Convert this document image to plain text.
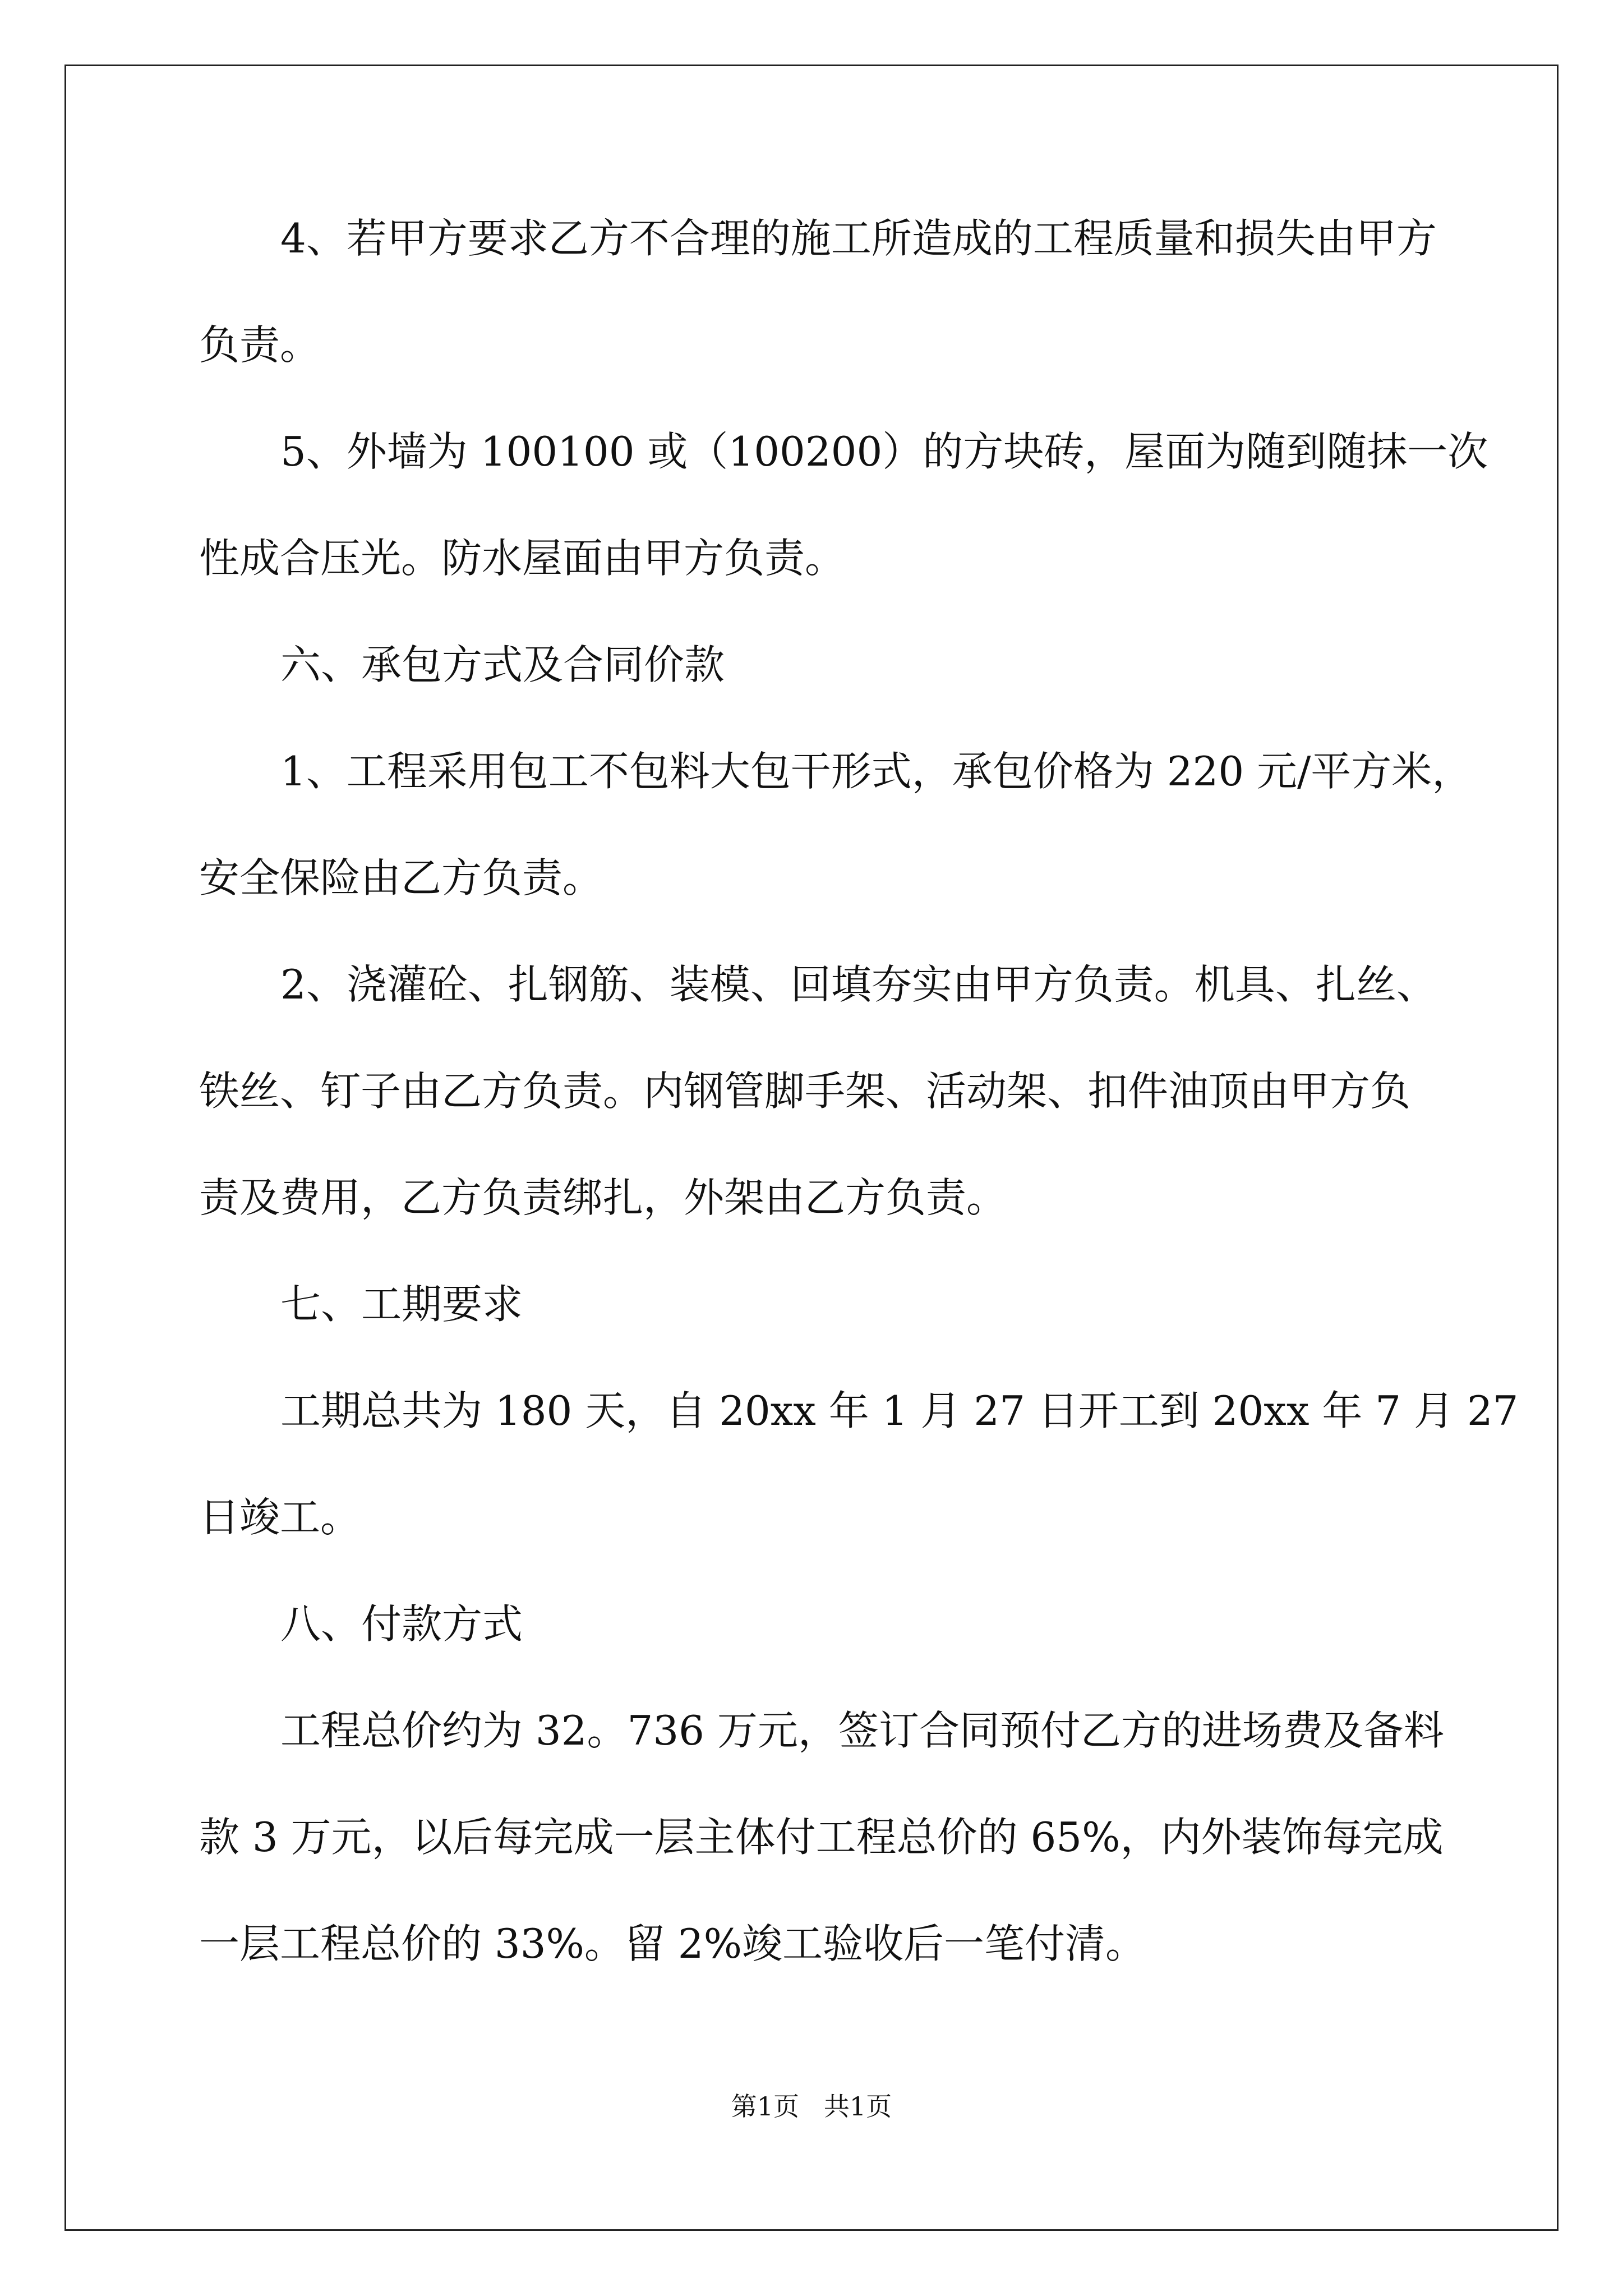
4、若甲方要求乙方不合理的施工所造成的工程质量和损失由甲方
负责。
5、外墙为 100100 或（100200）的方块砖，屋面为随到随抹一次
性成合压光。防水屋面由甲方负责。
六、承包方式及合同价款
1、工程采用包工不包料大包干形式，承包价格为 220 元/平方米，
安全保险由乙方负责。
2、浇灌砼、扎钢筋、装模、回填夯实由甲方负责。机具、扎丝、
铁丝、钉子由乙方负责。内钢管脚手架、活动架、扣件油顶由甲方负
责及费用，乙方负责绑扎，外架由乙方负责。
七、工期要求
工期总共为 180 天，自 20xx 年 1 月 27 日开工到 20xx 年 7 月 27
日竣工。
八、付款方式
工程总价约为 32。736 万元，签订合同预付乙方的进场费及备料
款 3 万元，以后每完成一层主体付工程总价的 65%，内外装饰每完成
一层工程总价的 33%。留 2%竣工验收后一笔付清。
第1页   共1页
